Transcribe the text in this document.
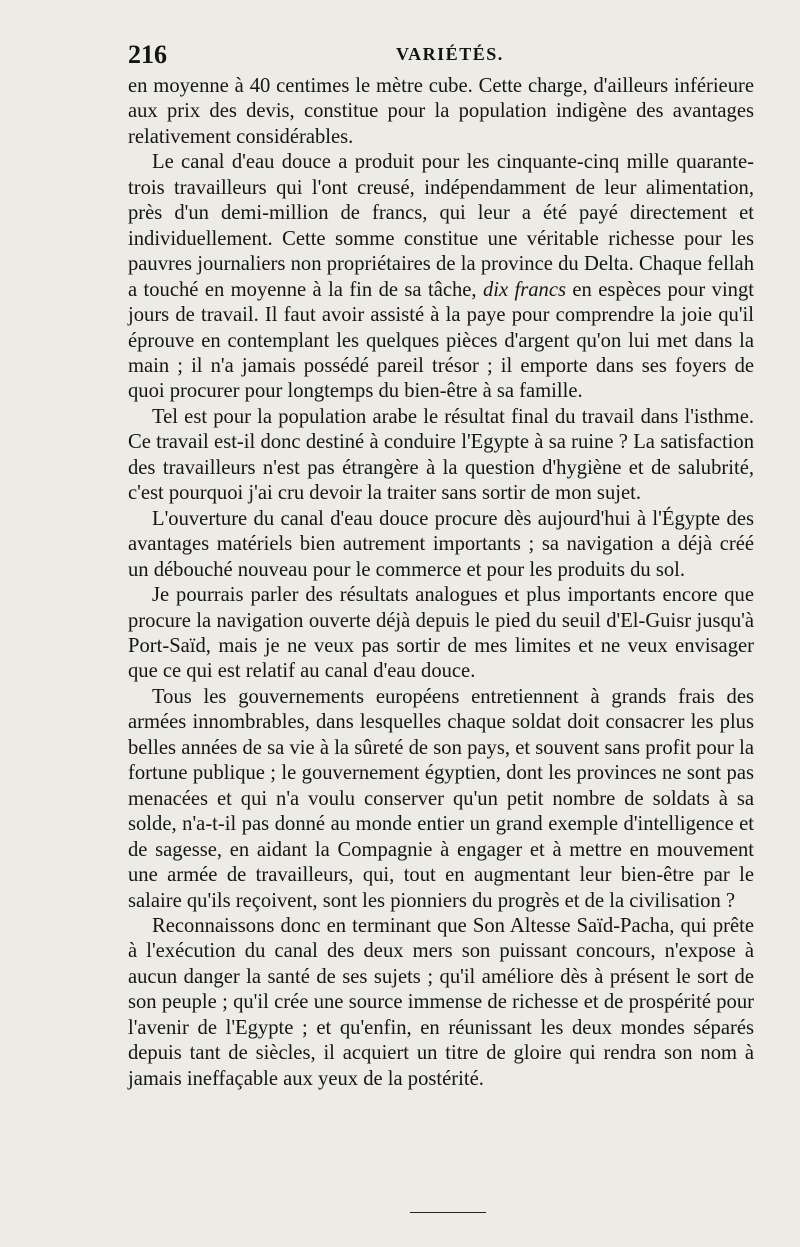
216	VARIÉTÉS.

en moyenne à 40 centimes le mètre cube. Cette charge, d'ailleurs inférieure aux prix des devis, constitue pour la population indigène des avantages relativement considérables.

Le canal d'eau douce a produit pour les cinquante-cinq mille quarante-trois travailleurs qui l'ont creusé, indépendamment de leur alimentation, près d'un demi-million de francs, qui leur a été payé directement et individuellement. Cette somme constitue une véritable richesse pour les pauvres journaliers non propriétaires de la province du Delta. Chaque fellah a touché en moyenne à la fin de sa tâche, dix francs en espèces pour vingt jours de travail. Il faut avoir assisté à la paye pour comprendre la joie qu'il éprouve en contemplant les quelques pièces d'argent qu'on lui met dans la main ; il n'a jamais possédé pareil trésor ; il emporte dans ses foyers de quoi procurer pour longtemps du bien-être à sa famille.

Tel est pour la population arabe le résultat final du travail dans l'isthme. Ce travail est-il donc destiné à conduire l'Egypte à sa ruine ? La satisfaction des travailleurs n'est pas étrangère à la question d'hygiène et de salubrité, c'est pourquoi j'ai cru devoir la traiter sans sortir de mon sujet.

L'ouverture du canal d'eau douce procure dès aujourd'hui à l'Égypte des avantages matériels bien autrement importants ; sa navigation a déjà créé un débouché nouveau pour le commerce et pour les produits du sol.

Je pourrais parler des résultats analogues et plus importants encore que procure la navigation ouverte déjà depuis le pied du seuil d'El-Guisr jusqu'à Port-Saïd, mais je ne veux pas sortir de mes limites et ne veux envisager que ce qui est relatif au canal d'eau douce.

Tous les gouvernements européens entretiennent à grands frais des armées innombrables, dans lesquelles chaque soldat doit consacrer les plus belles années de sa vie à la sûreté de son pays, et souvent sans profit pour la fortune publique ; le gouvernement égyptien, dont les provinces ne sont pas menacées et qui n'a voulu conserver qu'un petit nombre de soldats à sa solde, n'a-t-il pas donné au monde entier un grand exemple d'intelligence et de sagesse, en aidant la Compagnie à engager et à mettre en mouvement une armée de travailleurs, qui, tout en augmentant leur bien-être par le salaire qu'ils reçoivent, sont les pionniers du progrès et de la civilisation ?

Reconnaissons donc en terminant que Son Altesse Saïd-Pacha, qui prête à l'exécution du canal des deux mers son puissant concours, n'expose à aucun danger la santé de ses sujets ; qu'il améliore dès à présent le sort de son peuple ; qu'il crée une source immense de richesse et de prospérité pour l'avenir de l'Egypte ; et qu'enfin, en réunissant les deux mondes séparés depuis tant de siècles, il acquiert un titre de gloire qui rendra son nom à jamais ineffaçable aux yeux de la postérité.
